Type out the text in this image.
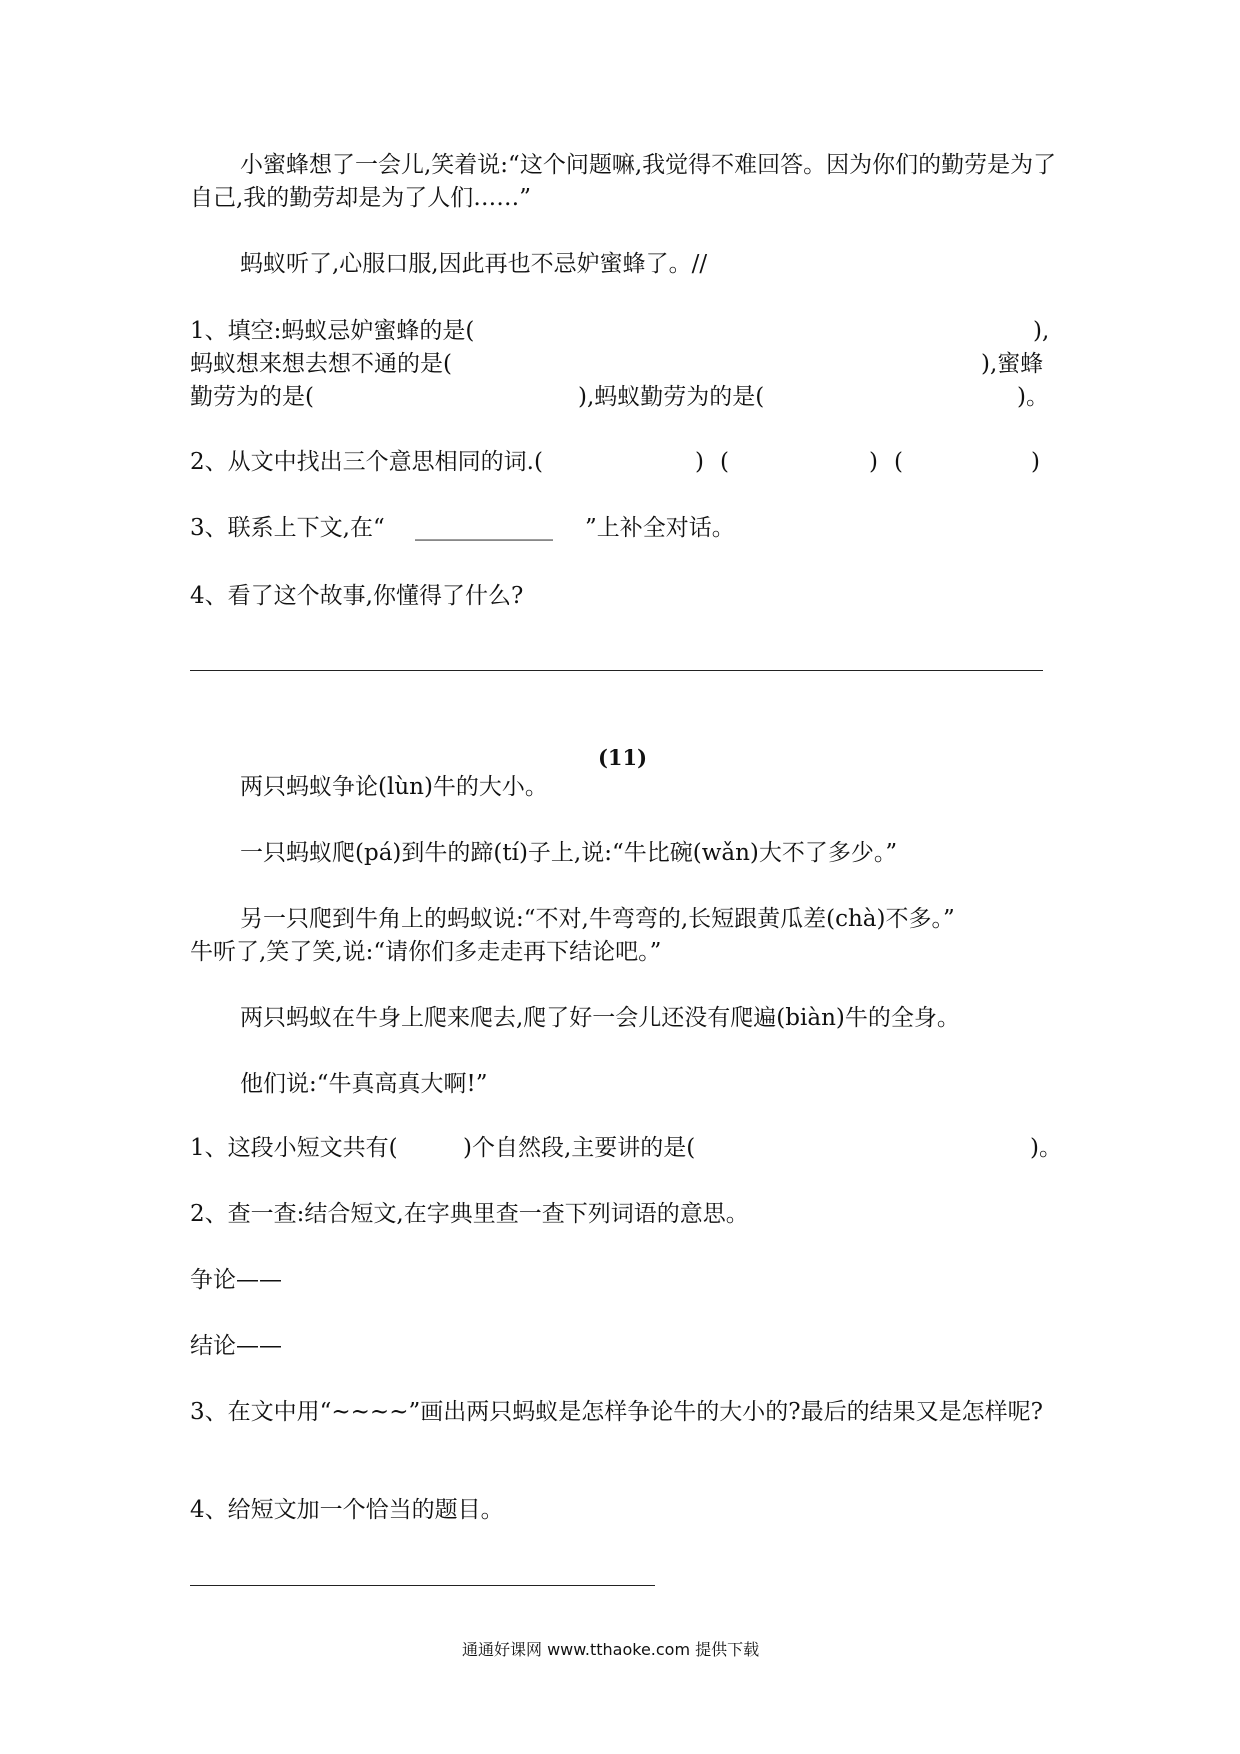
小蜜蜂想了一会儿,笑着说:“这个问题嘛,我觉得不难回答。因为你们的勤劳是为了自己,我的勤劳却是为了人们……”

蚂蚁听了,心服口服,因此再也不忌妒蜜蜂了。//

1、填空:蚂蚁忌妒蜜蜂的是(	),
蚂蚁想来想去想不通的是(	),蜜蜂
勤劳为的是(	),蚂蚁勤劳为的是(	)。
2、从文中找出三个意思相同的词.(	) (	) (	)
3、联系上下文,在“ ____________ ”上补全对话。
4、看了这个故事,你懂得了什么?
(11)

两只蚂蚁争论(lùn)牛的大小。

一只蚂蚁爬(pá)到牛的蹄(tí)子上,说:“牛比碗(wǎn)大不了多少。”

另一只爬到牛角上的蚂蚁说:“不对,牛弯弯的,长短跟黄瓜差(chà)不多。”

牛听了,笑了笑,说:“请你们多走走再下结论吧。”

两只蚂蚁在牛身上爬来爬去,爬了好一会儿还没有爬遍(biàn)牛的全身。

他们说:“牛真高真大啊!”

1、这段小短文共有(	)个自然段,主要讲的是(	)。
2、查一查:结合短文,在字典里查一查下列词语的意思。
争论——
结论——

3、在文中用“~~~~”画出两只蚂蚁是怎样争论牛的大小的?最后的结果又是怎样呢?

4、给短文加一个恰当的题目。
通通好课网 www.tthaoke.com 提供下载
